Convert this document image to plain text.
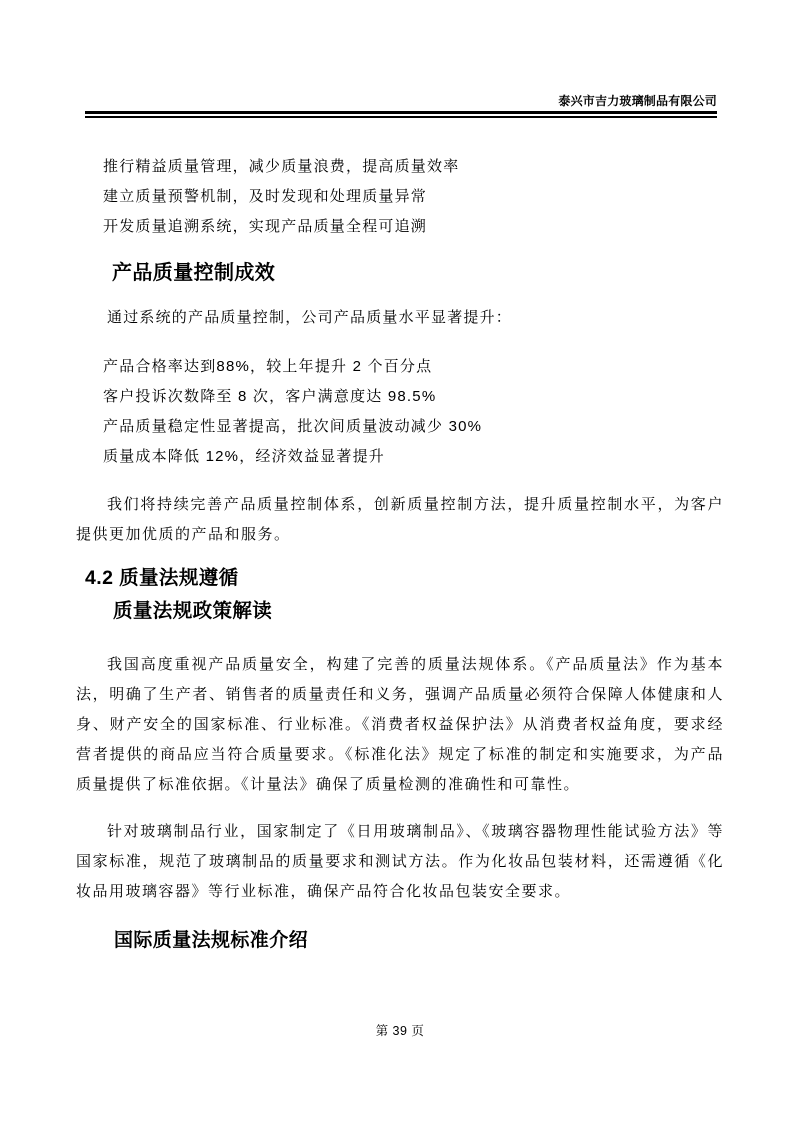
泰兴市吉力玻璃制品有限公司

推行精益质量管理，减少质量浪费，提高质量效率

建立质量预警机制，及时发现和处理质量异常

开发质量追溯系统，实现产品质量全程可追溯

产品质量控制成效

通过系统的产品质量控制，公司产品质量水平显著提升：

产品合格率达到88%，较上年提升 2 个百分点

客户投诉次数降至 8 次，客户满意度达 98.5%

产品质量稳定性显著提高，批次间质量波动减少 30%

质量成本降低 12%，经济效益显著提升

我们将持续完善产品质量控制体系，创新质量控制方法，提升质量控制水平，为客户提供更加优质的产品和服务。

4.2 质量法规遵循
质量法规政策解读

我国高度重视产品质量安全，构建了完善的质量法规体系。《产品质量法》作为基本法，明确了生产者、销售者的质量责任和义务，强调产品质量必须符合保障人体健康和人身、财产安全的国家标准、行业标准。《消费者权益保护法》从消费者权益角度，要求经营者提供的商品应当符合质量要求。《标准化法》规定了标准的制定和实施要求，为产品质量提供了标准依据。《计量法》确保了质量检测的准确性和可靠性。

针对玻璃制品行业，国家制定了《日用玻璃制品》、《玻璃容器物理性能试验方法》等国家标准，规范了玻璃制品的质量要求和测试方法。作为化妆品包装材料，还需遵循《化妆品用玻璃容器》等行业标准，确保产品符合化妆品包装安全要求。

国际质量法规标准介绍
第 39 页
